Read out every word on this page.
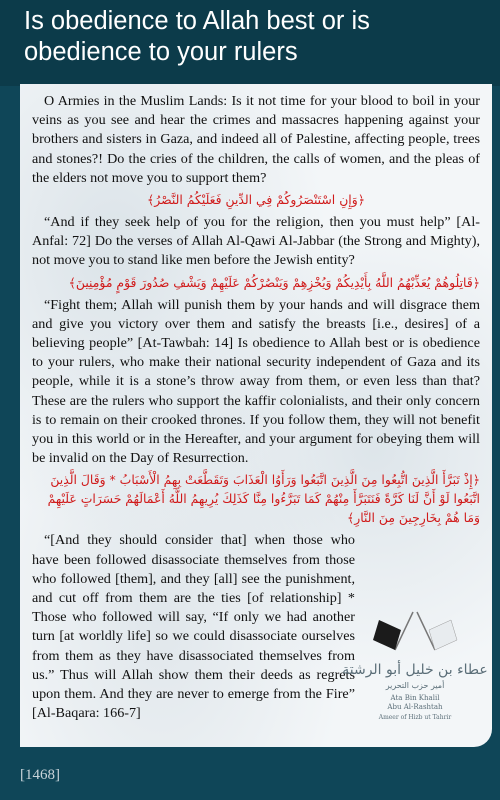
Is obedience to Allah best or is obedience to your rulers

O Armies in the Muslim Lands: Is it not time for your blood to boil in your veins as you see and hear the crimes and massacres happening against your brothers and sisters in Gaza, and indeed all of Palestine, affecting people, trees and stones?! Do the cries of the children, the calls of women, and the pleas of the elders not move you to support them?

﴿وَإِنِ اسْتَنْصَرُوكُمْ فِي الدِّينِ فَعَلَيْكُمُ النَّصْرُ﴾

“And if they seek help of you for the religion, then you must help” [Al-Anfal: 72] Do the verses of Allah Al-Qawi Al-Jabbar (the Strong and Mighty), not move you to stand like men before the Jewish entity?

﴿قَاتِلُوهُمْ يُعَذِّبْهُمُ اللَّهُ بِأَيْدِيكُمْ وَيُخْزِهِمْ وَيَنْصُرْكُمْ عَلَيْهِمْ وَيَشْفِ صُدُورَ قَوْمٍ مُؤْمِنِينَ﴾

“Fight them; Allah will punish them by your hands and will disgrace them and give you victory over them and satisfy the breasts [i.e., desires] of a believing people” [At-Tawbah: 14] Is obedience to Allah best or is obedience to your rulers, who make their national security independent of Gaza and its people, while it is a stone’s throw away from them, or even less than that? These are the rulers who support the kaffir colonialists, and their only concern is to remain on their crooked thrones. If you follow them, they will not benefit you in this world or in the Hereafter, and your argument for obeying them will be invalid on the Day of Resurrection.

﴿إِذْ تَبَرَّأَ الَّذِينَ اتُّبِعُوا مِنَ الَّذِينَ اتَّبَعُوا وَرَأَوُا الْعَذَابَ وَتَقَطَّعَتْ بِهِمُ الْأَسْبَابُ * وَقَالَ الَّذِينَ اتَّبَعُوا لَوْ أَنَّ لَنَا كَرَّةً فَنَتَبَرَّأَ مِنْهُمْ كَمَا تَبَرَّءُوا مِنَّا كَذَلِكَ يُرِيهِمُ اللَّهُ أَعْمَالَهُمْ حَسَرَاتٍ عَلَيْهِمْ وَمَا هُمْ بِخَارِجِينَ مِنَ النَّارِ﴾

“[And they should consider that] when those who have been followed disassociate themselves from those who followed [them], and they [all] see the punishment, and cut off from them are the ties [of relationship] * Those who followed will say, “If only we had another turn [at worldly life] so we could disassociate ourselves from them as they have disassociated themselves from us.” Thus will Allah show them their deeds as regrets upon them. And they are never to emerge from the Fire” [Al-Baqara: 166-7]

عطاء بن خليل أبو الرشتة
أمير حزب التحرير
Ata Bin Khalil
Abu Al-Rashtah
Ameer of Hizb ut Tahrir
[1468]
